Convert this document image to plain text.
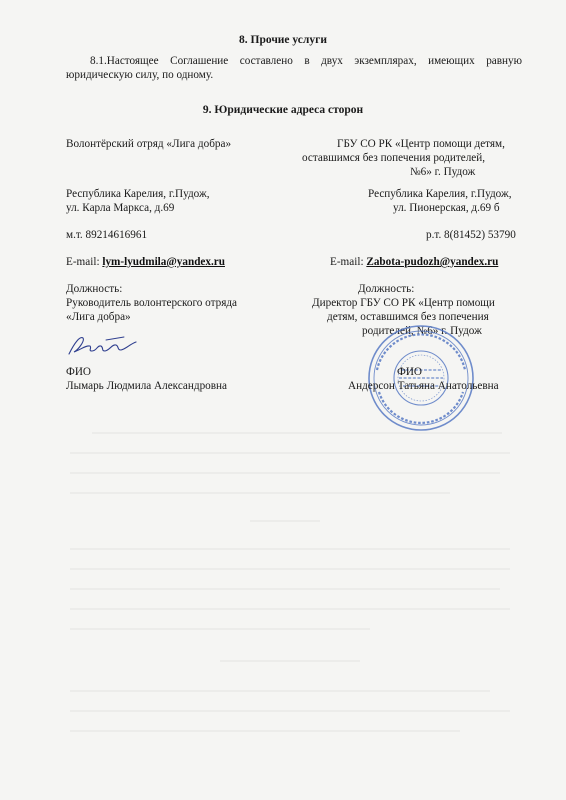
8. Прочие услуги
8.1.Настоящее Соглашение составлено в двух экземплярах, имеющих равную юридическую силу, по одному.
9. Юридические адреса сторон
Волонтёрский отряд «Лига добра»
Республика Карелия, г.Пудож,
ул. Карла Маркса, д.69
м.т. 89214616961
E-mail: lym-lyudmila@yandex.ru
Должность:
Руководитель волонтерского отряда
«Лига добра»
ФИО
Лымарь Людмила Александровна
ГБУ СО РК «Центр помощи детям,
оставшимся без попечения родителей,
№6» г. Пудож
Республика Карелия, г.Пудож,
ул. Пионерская, д.69 б
р.т. 8(81452) 53790
E-mail: Zabota-pudozh@yandex.ru
Должность:
Директор ГБУ СО РК «Центр помощи
детям, оставшимся без попечения
родителей, №6» г. Пудож
ФИО
Андерсон Татьяна Анатольевна
